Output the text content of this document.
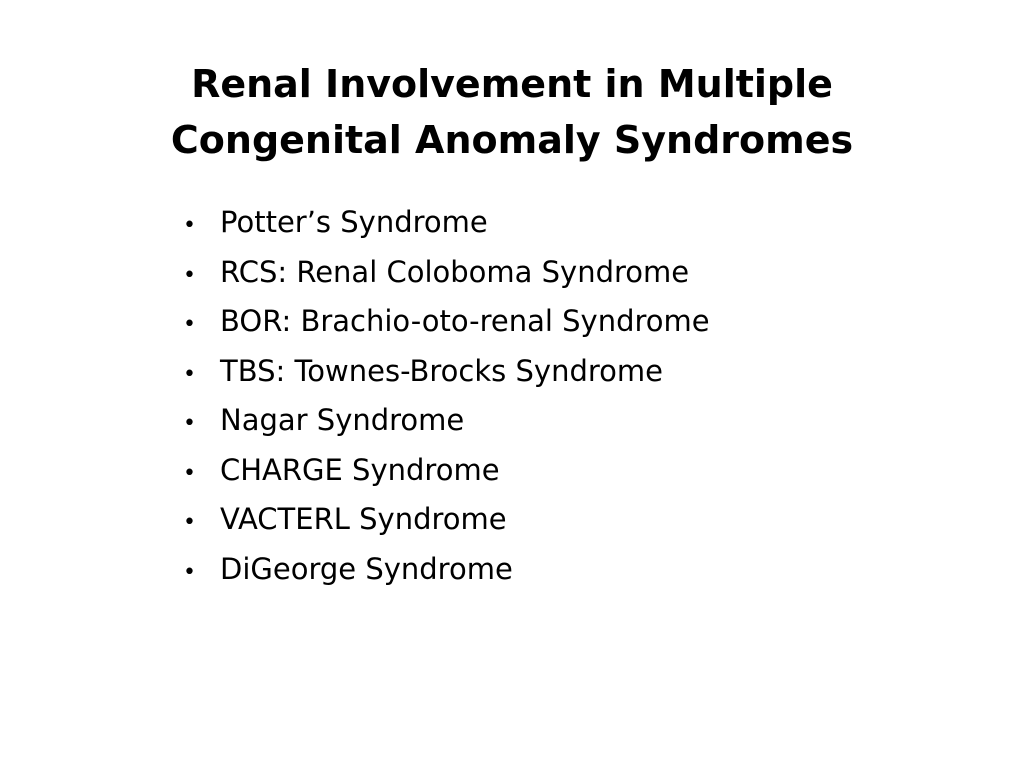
Renal Involvement in Multiple
Congenital Anomaly Syndromes
• Potter’s Syndrome
• RCS: Renal Coloboma Syndrome
• BOR: Brachio-oto-renal Syndrome
• TBS: Townes-Brocks Syndrome
• Nagar Syndrome
• CHARGE Syndrome
• VACTERL Syndrome
• DiGeorge Syndrome
